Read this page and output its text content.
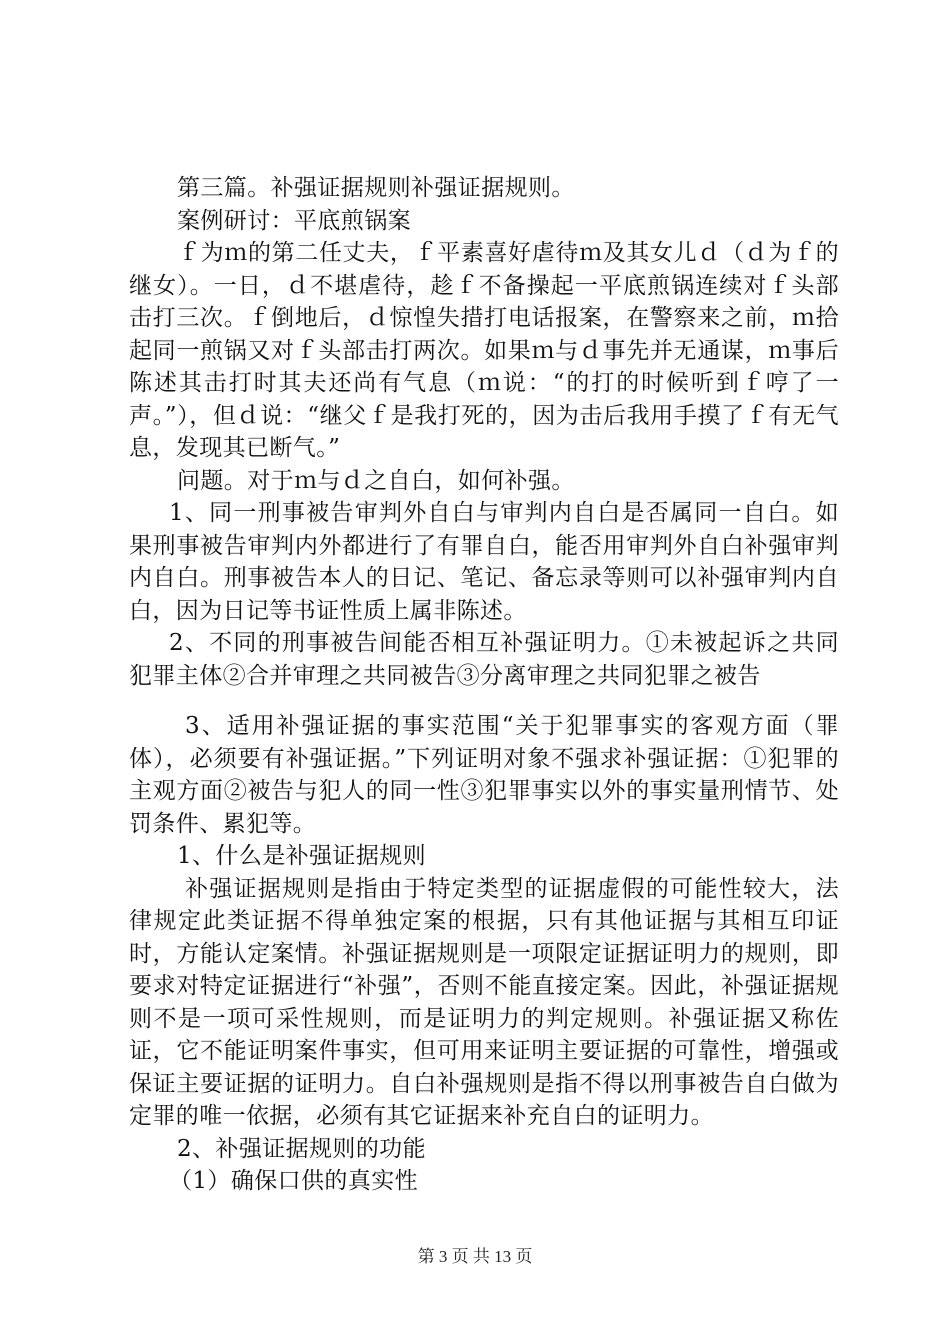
第三篇。补强证据规则补强证据规则。

案例研讨：平底煎锅案

ｆ为ｍ的第二任丈夫，ｆ平素喜好虐待ｍ及其女儿ｄ（ｄ为ｆ的继女）。一日，ｄ不堪虐待，趁ｆ不备操起一平底煎锅连续对ｆ头部击打三次。ｆ倒地后，ｄ惊惶失措打电话报案，在警察来之前，ｍ拾起同一煎锅又对ｆ头部击打两次。如果ｍ与ｄ事先并无通谋，ｍ事后陈述其击打时其夫还尚有气息（ｍ说：“的打的时候听到ｆ哼了一声。”），但ｄ说：“继父ｆ是我打死的，因为击后我用手摸了ｆ有无气息，发现其已断气。”

问题。对于ｍ与ｄ之自白，如何补强。

1、同一刑事被告审判外自白与审判内自白是否属同一自白。如果刑事被告审判内外都进行了有罪自白，能否用审判外自白补强审判内自白。刑事被告本人的日记、笔记、备忘录等则可以补强审判内自白，因为日记等书证性质上属非陈述。

2、不同的刑事被告间能否相互补强证明力。①未被起诉之共同犯罪主体②合并审理之共同被告③分离审理之共同犯罪之被告

3、适用补强证据的事实范围“关于犯罪事实的客观方面（罪体），必须要有补强证据。”下列证明对象不强求补强证据：①犯罪的主观方面②被告与犯人的同一性③犯罪事实以外的事实量刑情节、处罚条件、累犯等。

1、什么是补强证据规则

补强证据规则是指由于特定类型的证据虚假的可能性较大，法律规定此类证据不得单独定案的根据，只有其他证据与其相互印证时，方能认定案情。补强证据规则是一项限定证据证明力的规则，即要求对特定证据进行“补强”，否则不能直接定案。因此，补强证据规则不是一项可采性规则，而是证明力的判定规则。补强证据又称佐证，它不能证明案件事实，但可用来证明主要证据的可靠性，增强或保证主要证据的证明力。自白补强规则是指不得以刑事被告自白做为定罪的唯一依据，必须有其它证据来补充自白的证明力。

2、补强证据规则的功能

（1）确保口供的真实性

第 3 页 共 13 页
